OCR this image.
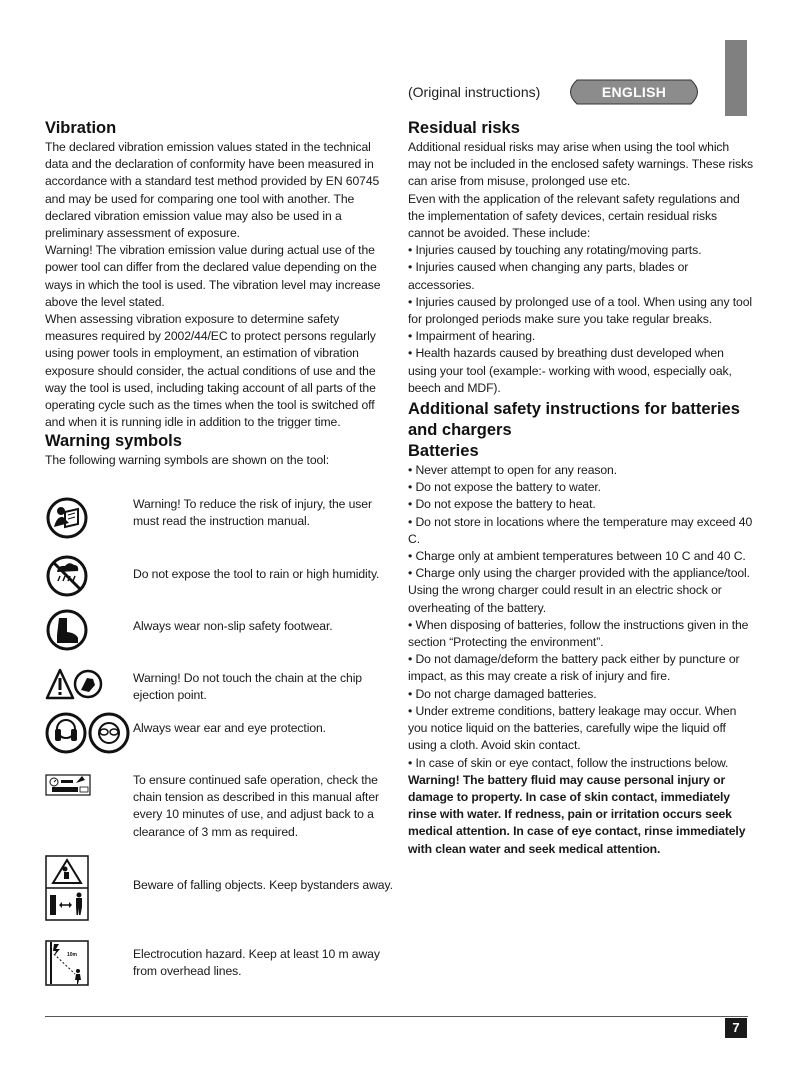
(Original instructions)	ENGLISH
Vibration

The declared vibration emission values stated in the technical data and the declaration of conformity have been measured in accordance with a standard test method provided by EN 60745 and may be used for comparing one tool with another. The declared vibration emission value may also be used in a preliminary assessment of exposure.

Warning! The vibration emission value during actual use of the power tool can differ from the declared value depending on the ways in which the tool is used. The vibration level may increase above the level stated.

When assessing vibration exposure to determine safety measures required by 2002/44/EC to protect persons regularly using power tools in employment, an estimation of vibration exposure should consider, the actual conditions of use and the way the tool is used, including taking account of all parts of the operating cycle such as the times when the tool is switched off and when it is running idle in addition to the trigger time.

Warning symbols

The following warning symbols are shown on the tool:

Warning! To reduce the risk of injury, the user must read the instruction manual.
Do not expose the tool to rain or high humidity.
Always wear non-slip safety footwear.
Warning! Do not touch the chain at the chip ejection point.
Always wear ear and eye protection.
To ensure continued safe operation, check the chain tension as described in this manual after every 10 minutes of use, and adjust back to a clearance of 3 mm as required.
Beware of falling objects. Keep bystanders away.
10m	Electrocution hazard. Keep at least 10 m away from overhead lines.
Residual risks

Additional residual risks may arise when using the tool which may not be included in the enclosed safety warnings. These risks can arise from misuse, prolonged use etc.

Even with the application of the relevant safety regulations and the implementation of safety devices, certain residual risks cannot be avoided. These include:

• Injuries caused by touching any rotating/moving parts.

• Injuries caused when changing any parts, blades or accessories.

• Injuries caused by prolonged use of a tool. When using any tool for prolonged periods make sure you take regular breaks.

• Impairment of hearing.

• Health hazards caused by breathing dust developed when using your tool (example:- working with wood, especially oak, beech and MDF).

Additional safety instructions for batteries and chargers
Batteries

• Never attempt to open for any reason.

• Do not expose the battery to water.

• Do not expose the battery to heat.

• Do not store in locations where the temperature may exceed 40 C.

• Charge only at ambient temperatures between 10 C and 40 C.

• Charge only using the charger provided with the appliance/tool. Using the wrong charger could result in an electric shock or overheating of the battery.

• When disposing of batteries, follow the instructions given in the section “Protecting the environment”.

• Do not damage/deform the battery pack either by puncture or impact, as this may create a risk of injury and fire.

• Do not charge damaged batteries.

• Under extreme conditions, battery leakage may occur. When you notice liquid on the batteries, carefully wipe the liquid off using a cloth. Avoid skin contact.

• In case of skin or eye contact, follow the instructions below.

Warning! The battery fluid may cause personal injury or damage to property. In case of skin contact, immediately rinse with water. If redness, pain or irritation occurs seek medical attention. In case of eye contact, rinse immediately with clean water and seek medical attention.

7
